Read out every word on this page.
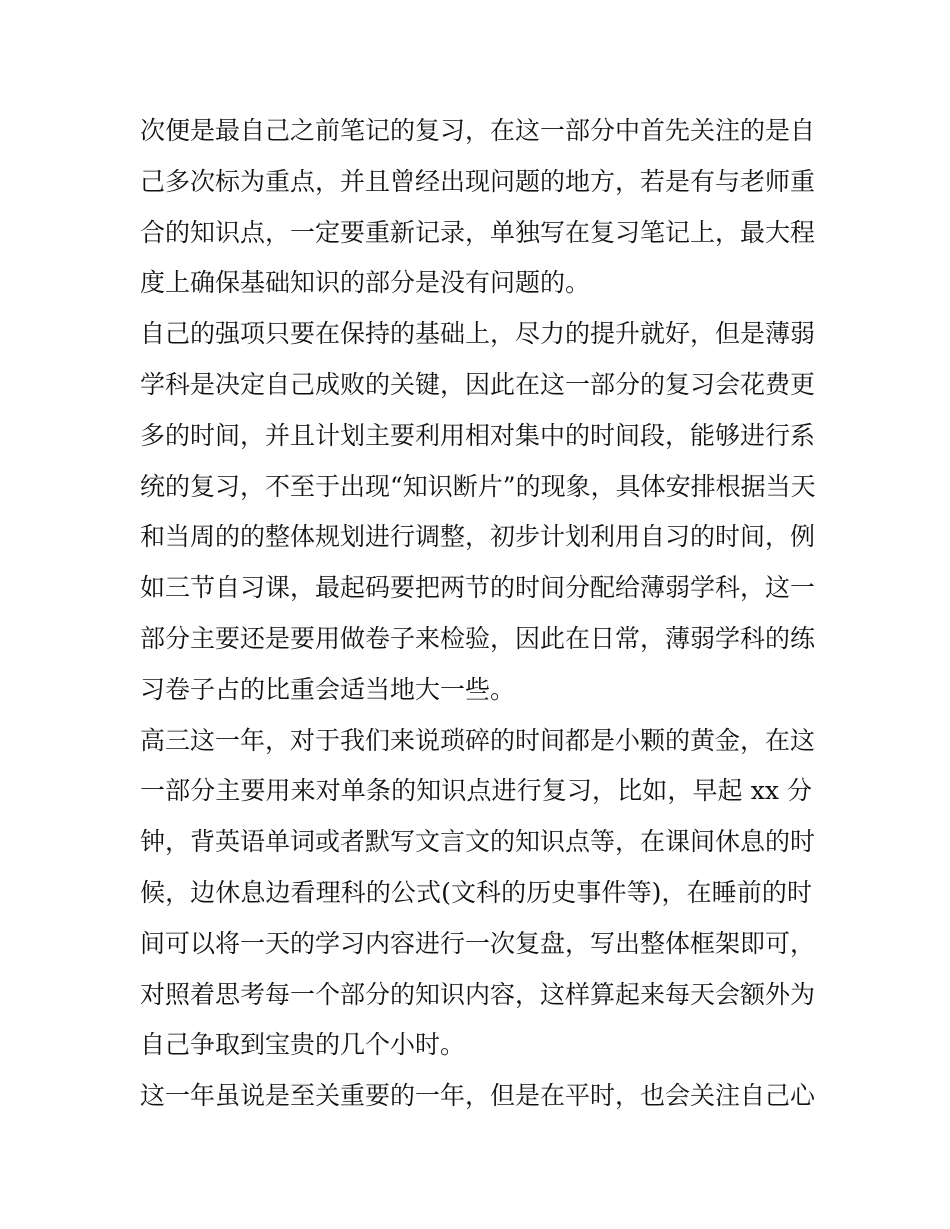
次便是最自己之前笔记的复习，在这一部分中首先关注的是自
己多次标为重点，并且曾经出现问题的地方，若是有与老师重
合的知识点，一定要重新记录，单独写在复习笔记上，最大程
度上确保基础知识的部分是没有问题的。
自己的强项只要在保持的基础上，尽力的提升就好，但是薄弱
学科是决定自己成败的关键，因此在这一部分的复习会花费更
多的时间，并且计划主要利用相对集中的时间段，能够进行系
统的复习，不至于出现“知识断片”的现象，具体安排根据当天
和当周的的整体规划进行调整，初步计划利用自习的时间，例
如三节自习课，最起码要把两节的时间分配给薄弱学科，这一
部分主要还是要用做卷子来检验，因此在日常，薄弱学科的练
习卷子占的比重会适当地大一些。
高三这一年，对于我们来说琐碎的时间都是小颗的黄金，在这
一部分主要用来对单条的知识点进行复习，比如，早起 xx 分
钟，背英语单词或者默写文言文的知识点等，在课间休息的时
候，边休息边看理科的公式(文科的历史事件等)，在睡前的时
间可以将一天的学习内容进行一次复盘，写出整体框架即可，
对照着思考每一个部分的知识内容，这样算起来每天会额外为
自己争取到宝贵的几个小时。
这一年虽说是至关重要的一年，但是在平时，也会关注自己心
